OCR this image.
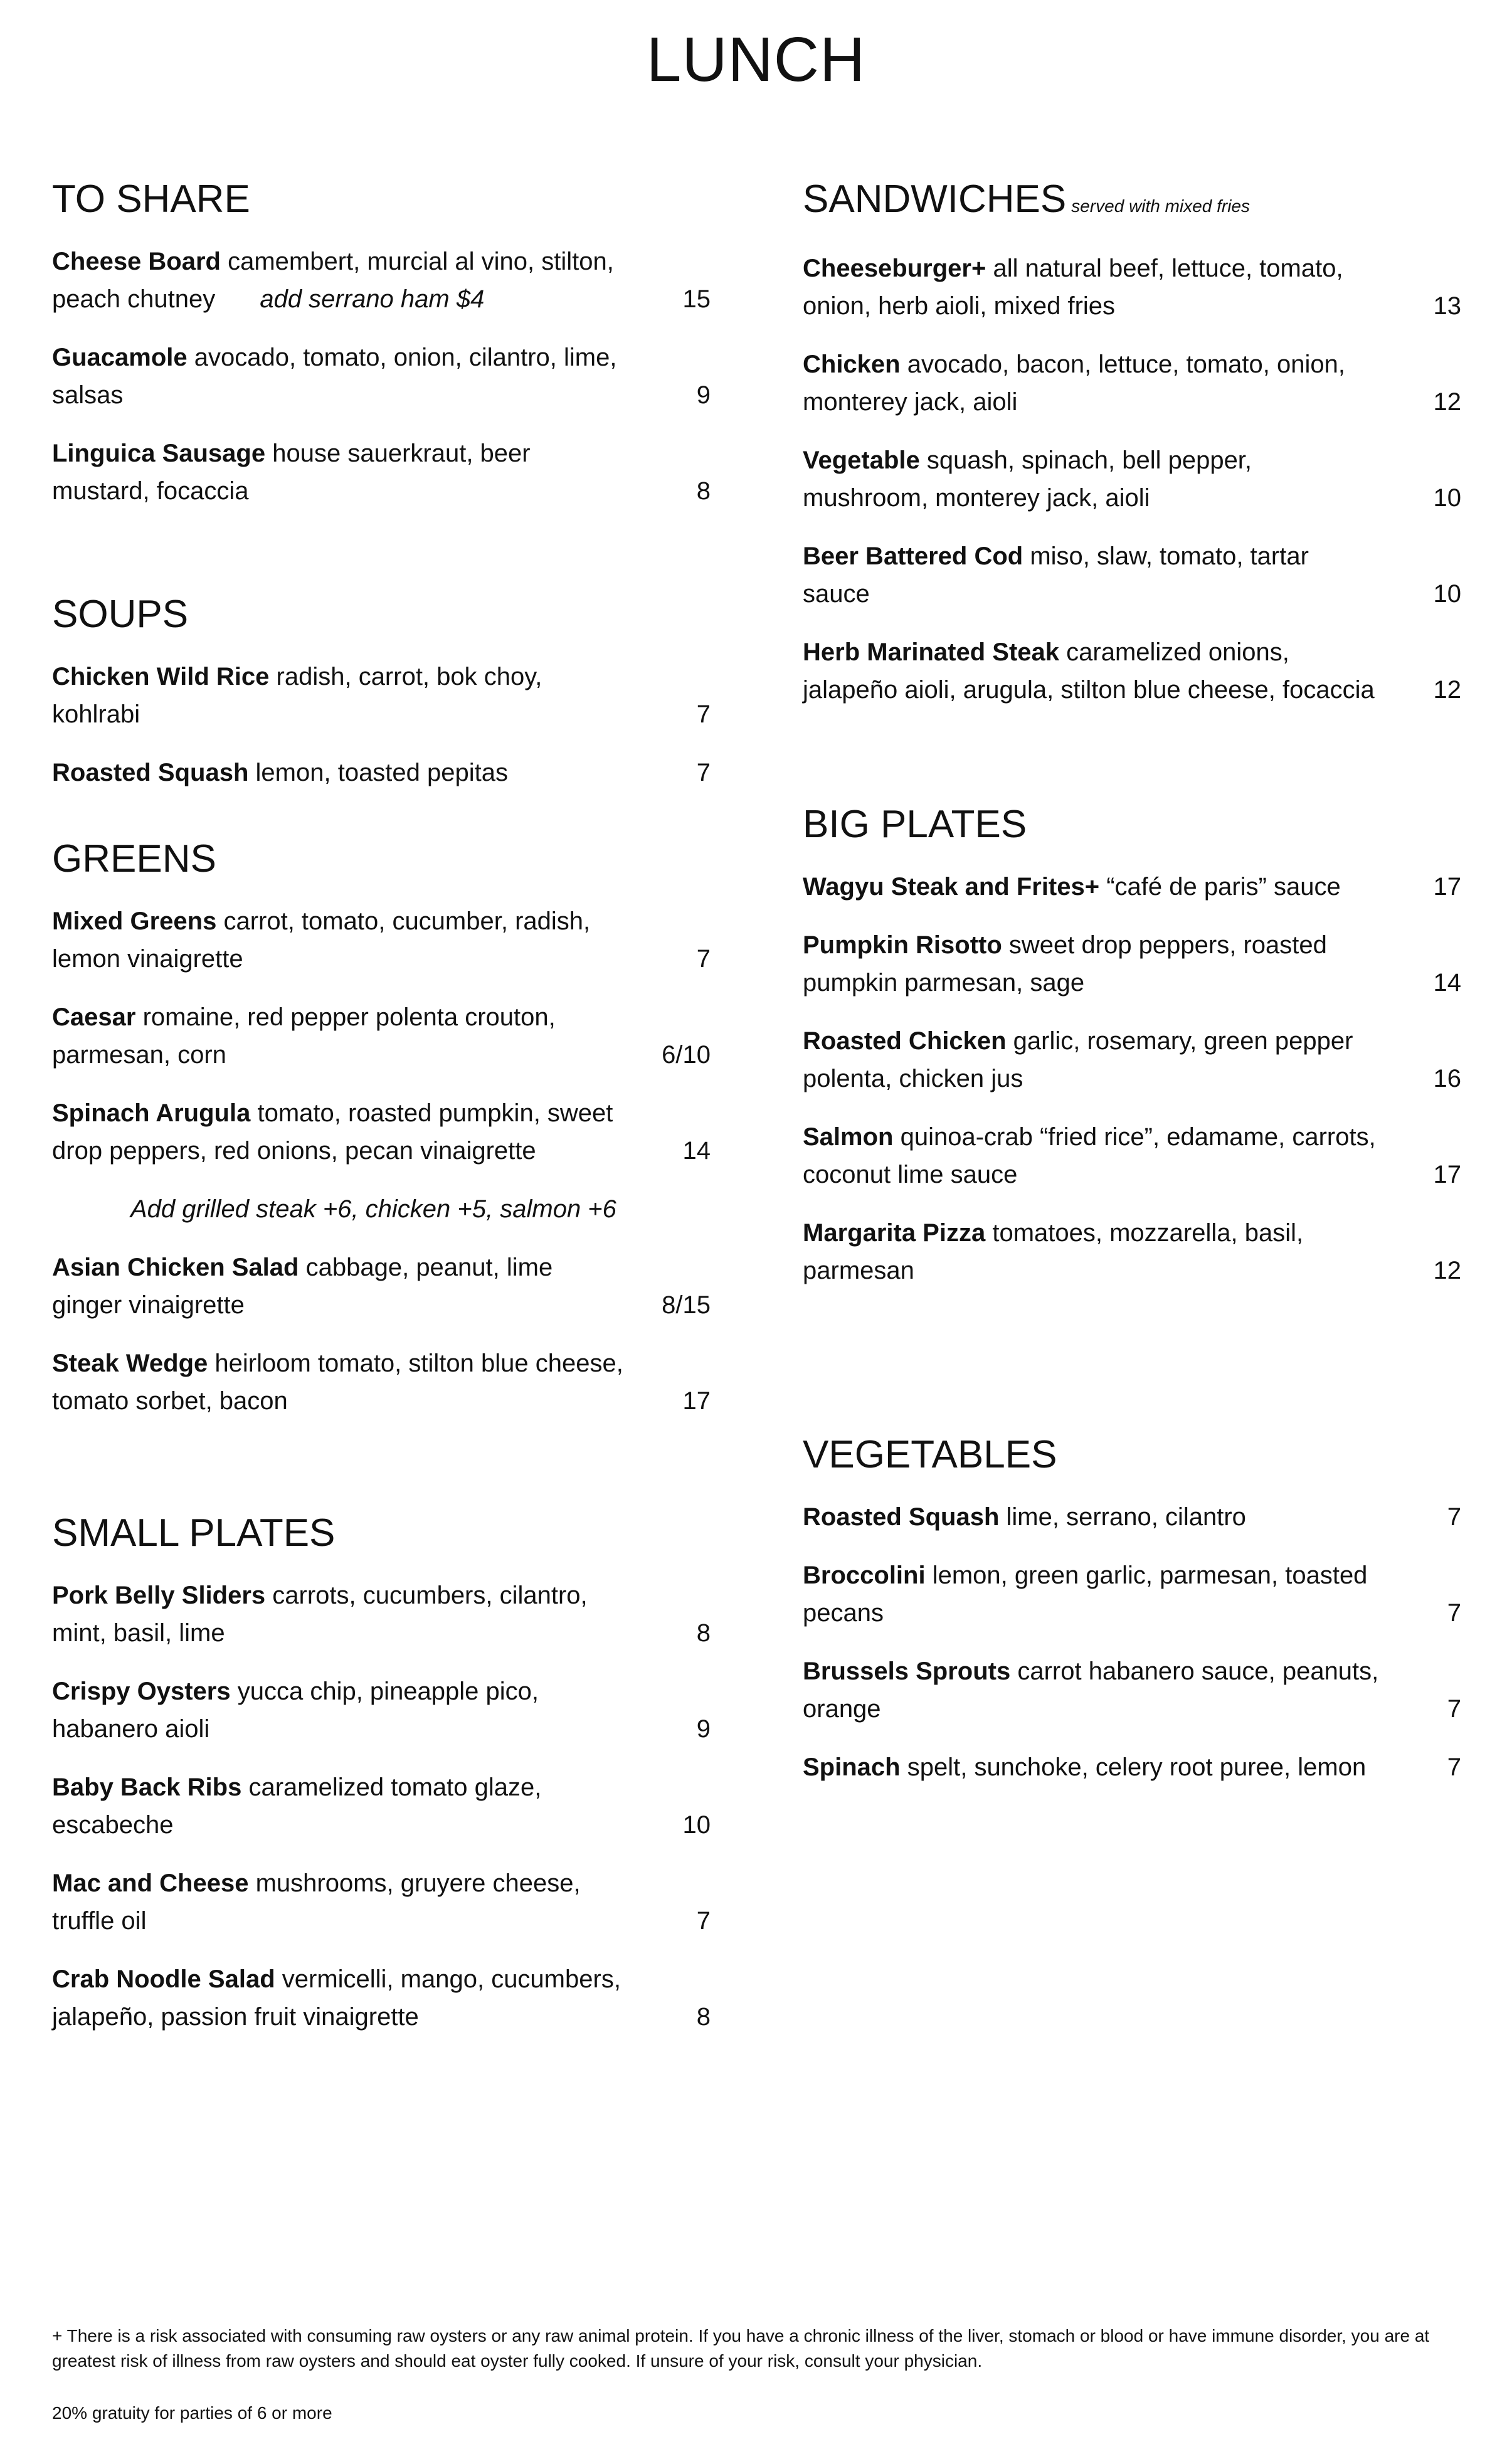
LUNCH
TO SHARE
Cheese Board camembert, murcial al vino, stilton, peach chutney add serrano ham $4	15
Guacamole avocado, tomato, onion, cilantro, lime, salsas	9
Linguica Sausage house sauerkraut, beer mustard, focaccia	8
SOUPS
Chicken Wild Rice radish, carrot, bok choy, kohlrabi	7
Roasted Squash lemon, toasted pepitas	7
GREENS
Mixed Greens carrot, tomato, cucumber, radish, lemon vinaigrette	7
Caesar romaine, red pepper polenta crouton, parmesan, corn	6/10
Spinach Arugula tomato, roasted pumpkin, sweet drop peppers, red onions, pecan vinaigrette	14
Add grilled steak +6, chicken +5, salmon +6
Asian Chicken Salad cabbage, peanut, lime ginger vinaigrette	8/15
Steak Wedge heirloom tomato, stilton blue cheese, tomato sorbet, bacon	17
SMALL PLATES
Pork Belly Sliders carrots, cucumbers, cilantro, mint, basil, lime	8
Crispy Oysters yucca chip, pineapple pico, habanero aioli	9
Baby Back Ribs caramelized tomato glaze, escabeche	10
Mac and Cheese mushrooms, gruyere cheese, truffle oil	7
Crab Noodle Salad vermicelli, mango, cucumbers, jalapeño, passion fruit vinaigrette	8
SANDWICHES served with mixed fries
Cheeseburger+ all natural beef, lettuce, tomato, onion, herb aioli, mixed fries	13
Chicken avocado, bacon, lettuce, tomato, onion, monterey jack, aioli	12
Vegetable squash, spinach, bell pepper, mushroom, monterey jack, aioli	10
Beer Battered Cod miso, slaw, tomato, tartar sauce	10
Herb Marinated Steak caramelized onions, jalapeño aioli, arugula, stilton blue cheese, focaccia 12
BIG PLATES
Wagyu Steak and Frites+ “café de paris” sauce	17
Pumpkin Risotto sweet drop peppers, roasted pumpkin parmesan, sage	14
Roasted Chicken garlic, rosemary, green pepper polenta, chicken jus	16
Salmon quinoa-crab “fried rice”, edamame, carrots, coconut lime sauce	17
Margarita Pizza tomatoes, mozzarella, basil, parmesan	12
VEGETABLES
Roasted Squash lime, serrano, cilantro	7
Broccolini lemon, green garlic, parmesan, toasted pecans	7
Brussels Sprouts carrot habanero sauce, peanuts, orange	7
Spinach spelt, sunchoke, celery root puree, lemon	7
+ There is a risk associated with consuming raw oysters or any raw animal protein. If you have a chronic illness of the liver, stomach or blood or have immune disorder, you are at greatest risk of illness from raw oysters and should eat oyster fully cooked. If unsure of your risk, consult your physician.
20% gratuity for parties of 6 or more
